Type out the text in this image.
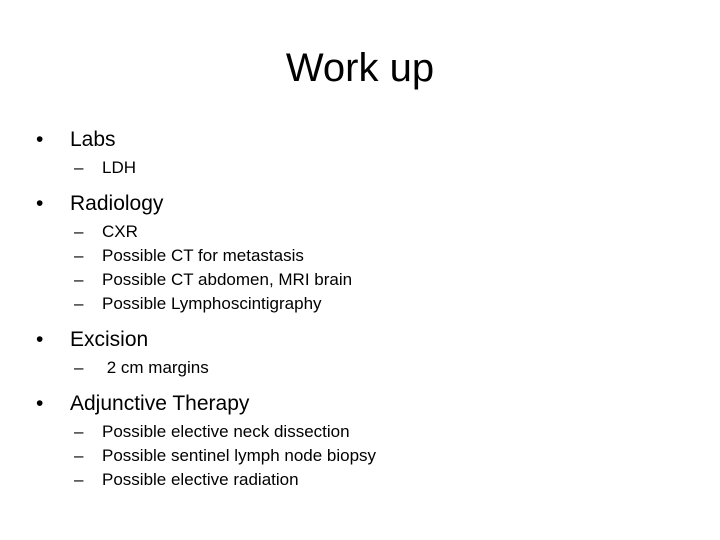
Work up
•	Labs
– LDH
•	Radiology
– CXR
– Possible CT for metastasis
– Possible CT abdomen, MRI brain
– Possible Lymphoscintigraphy
•	Excision
– 2 cm margins
•	Adjunctive Therapy
– Possible elective neck dissection
– Possible sentinel lymph node biopsy
– Possible elective radiation
